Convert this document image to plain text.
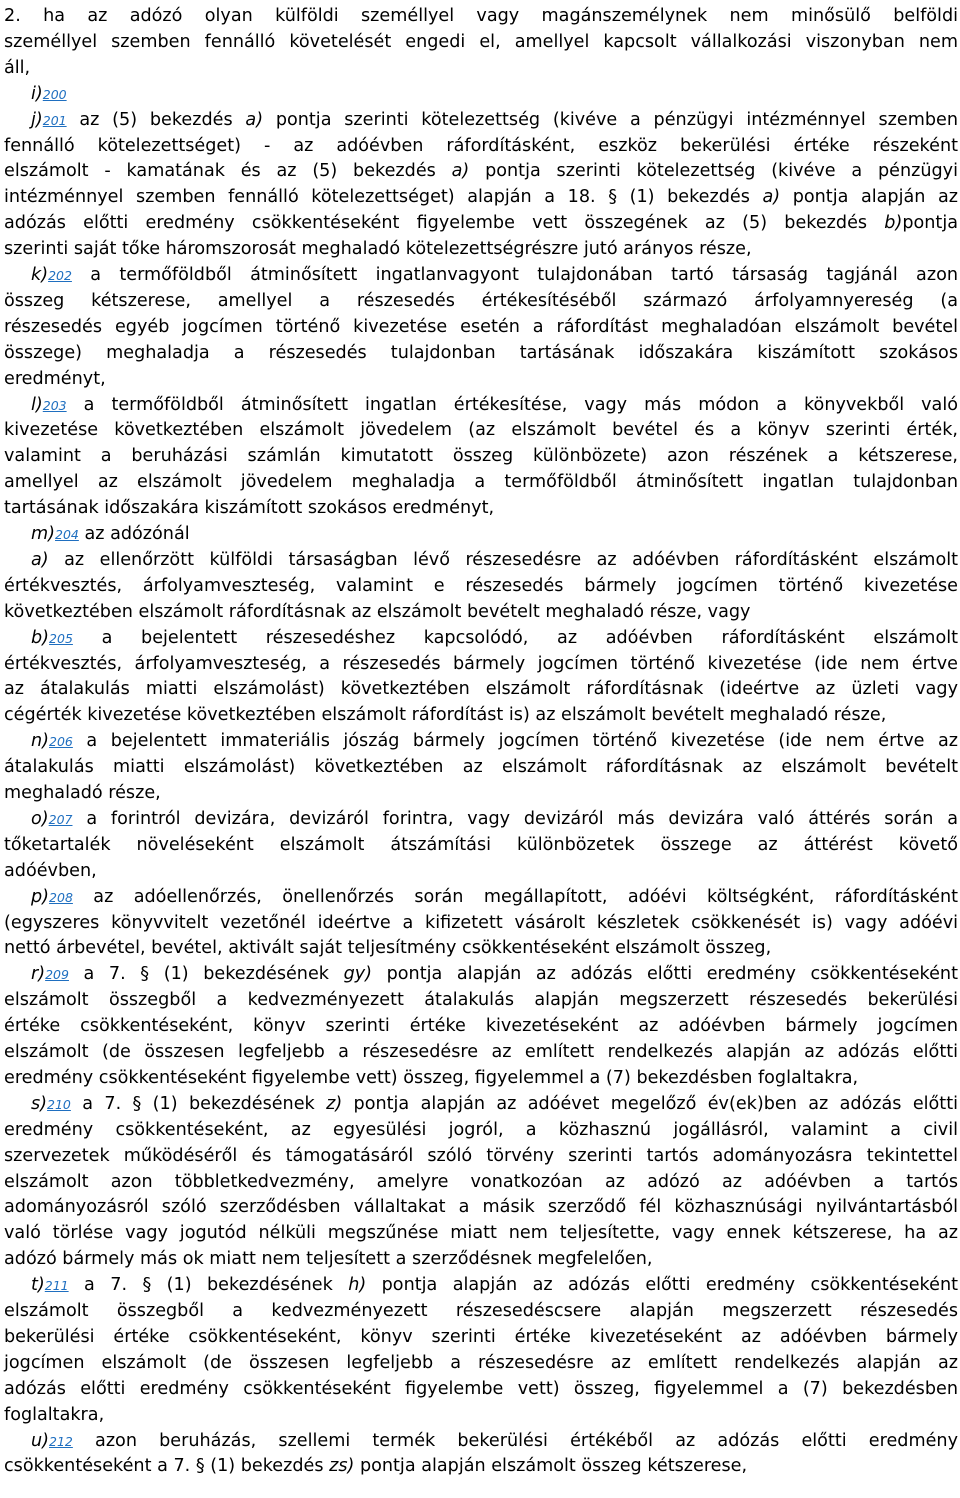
2. ha az adózó olyan külföldi személlyel vagy magánszemélynek nem minősülő belföldi
személlyel szemben fennálló követelését engedi el, amellyel kapcsolt vállalkozási viszonyban nem
áll,
i)200
j)201 az (5) bekezdés a) pontja szerinti kötelezettség (kivéve a pénzügyi intézménnyel szemben
fennálló kötelezettséget) - az adóévben ráfordításként, eszköz bekerülési értéke részeként
elszámolt - kamatának és az (5) bekezdés a) pontja szerinti kötelezettség (kivéve a pénzügyi
intézménnyel szemben fennálló kötelezettséget) alapján a 18. § (1) bekezdés a) pontja alapján az
adózás előtti eredmény csökkentéseként figyelembe vett összegének az (5) bekezdés b)pontja
szerinti saját tőke háromszorosát meghaladó kötelezettségrészre jutó arányos része,
k)202 a termőföldből átminősített ingatlanvagyont tulajdonában tartó társaság tagjánál azon
összeg kétszerese, amellyel a részesedés értékesítéséből származó árfolyamnyereség (a
részesedés egyéb jogcímen történő kivezetése esetén a ráfordítást meghaladóan elszámolt bevétel
összege) meghaladja a részesedés tulajdonban tartásának időszakára kiszámított szokásos
eredményt,
l)203 a termőföldből átminősített ingatlan értékesítése, vagy más módon a könyvekből való
kivezetése következtében elszámolt jövedelem (az elszámolt bevétel és a könyv szerinti érték,
valamint a beruházási számlán kimutatott összeg különbözete) azon részének a kétszerese,
amellyel az elszámolt jövedelem meghaladja a termőföldből átminősített ingatlan tulajdonban
tartásának időszakára kiszámított szokásos eredményt,
m)204 az adózónál
a) az ellenőrzött külföldi társaságban lévő részesedésre az adóévben ráfordításként elszámolt
értékvesztés, árfolyamveszteség, valamint e részesedés bármely jogcímen történő kivezetése
következtében elszámolt ráfordításnak az elszámolt bevételt meghaladó része, vagy
b)205 a bejelentett részesedéshez kapcsolódó, az adóévben ráfordításként elszámolt
értékvesztés, árfolyamveszteség, a részesedés bármely jogcímen történő kivezetése (ide nem értve
az átalakulás miatti elszámolást) következtében elszámolt ráfordításnak (ideértve az üzleti vagy
cégérték kivezetése következtében elszámolt ráfordítást is) az elszámolt bevételt meghaladó része,
n)206 a bejelentett immateriális jószág bármely jogcímen történő kivezetése (ide nem értve az
átalakulás miatti elszámolást) következtében az elszámolt ráfordításnak az elszámolt bevételt
meghaladó része,
o)207 a forintról devizára, devizáról forintra, vagy devizáról más devizára való áttérés során a
tőketartalék növeléseként elszámolt átszámítási különbözetek összege az áttérést követő
adóévben,
p)208 az adóellenőrzés, önellenőrzés során megállapított, adóévi költségként, ráfordításként
(egyszeres könyvvitelt vezetőnél ideértve a kifizetett vásárolt készletek csökkenését is) vagy adóévi
nettó árbevétel, bevétel, aktivált saját teljesítmény csökkentéseként elszámolt összeg,
r)209 a 7. § (1) bekezdésének gy) pontja alapján az adózás előtti eredmény csökkentéseként
elszámolt összegből a kedvezményezett átalakulás alapján megszerzett részesedés bekerülési
értéke csökkentéseként, könyv szerinti értéke kivezetéseként az adóévben bármely jogcímen
elszámolt (de összesen legfeljebb a részesedésre az említett rendelkezés alapján az adózás előtti
eredmény csökkentéseként figyelembe vett) összeg, figyelemmel a (7) bekezdésben foglaltakra,
s)210 a 7. § (1) bekezdésének z) pontja alapján az adóévet megelőző év(ek)ben az adózás előtti
eredmény csökkentéseként, az egyesülési jogról, a közhasznú jogállásról, valamint a civil
szervezetek működéséről és támogatásáról szóló törvény szerinti tartós adományozásra tekintettel
elszámolt azon többletkedvezmény, amelyre vonatkozóan az adózó az adóévben a tartós
adományozásról szóló szerződésben vállaltakat a másik szerződő fél közhasznúsági nyilvántartásból
való törlése vagy jogutód nélküli megszűnése miatt nem teljesítette, vagy ennek kétszerese, ha az
adózó bármely más ok miatt nem teljesített a szerződésnek megfelelően,
t)211 a 7. § (1) bekezdésének h) pontja alapján az adózás előtti eredmény csökkentéseként
elszámolt összegből a kedvezményezett részesedéscsere alapján megszerzett részesedés
bekerülési értéke csökkentéseként, könyv szerinti értéke kivezetéseként az adóévben bármely
jogcímen elszámolt (de összesen legfeljebb a részesedésre az említett rendelkezés alapján az
adózás előtti eredmény csökkentéseként figyelembe vett) összeg, figyelemmel a (7) bekezdésben
foglaltakra,
u)212 azon beruházás, szellemi termék bekerülési értékéből az adózás előtti eredmény
csökkentéseként a 7. § (1) bekezdés zs) pontja alapján elszámolt összeg kétszerese,
